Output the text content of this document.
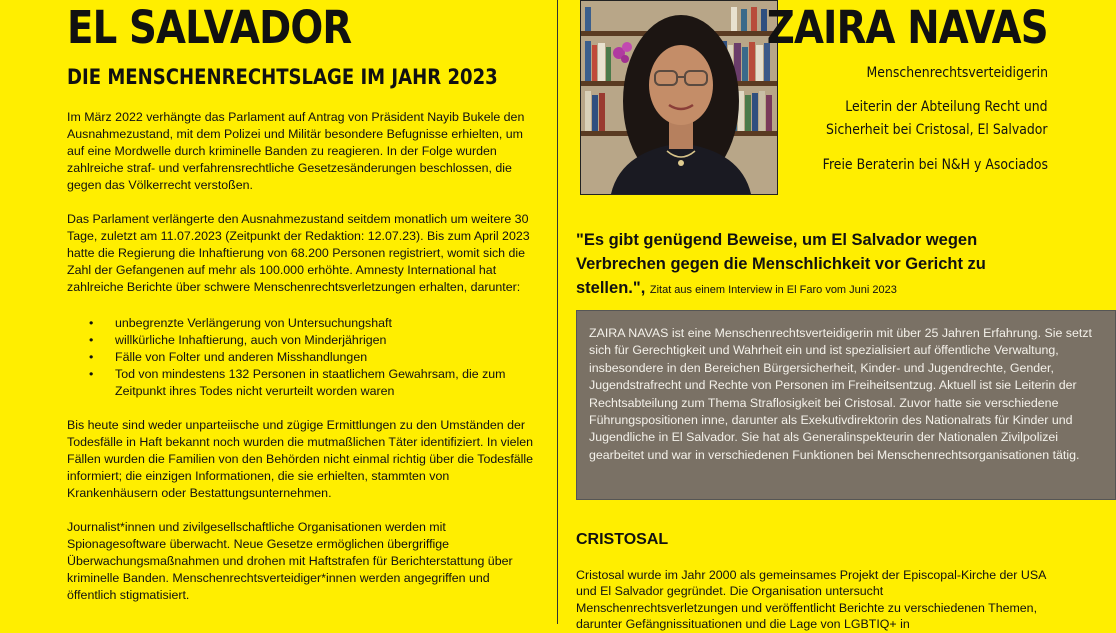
EL SALVADOR
DIE MENSCHENRECHTSLAGE IM JAHR 2023

Im März 2022 verhängte das Parlament auf Antrag von Präsident Nayib Bukele den Ausnahmezustand, mit dem Polizei und Militär besondere Befugnisse erhielten, um auf eine Mordwelle durch kriminelle Banden zu reagieren. In der Folge wurden zahlreiche straf- und verfahrensrechtliche Gesetzesänderungen beschlossen, die gegen das Völkerrecht verstoßen.

Das Parlament verlängerte den Ausnahmezustand seitdem monatlich um weitere 30 Tage, zuletzt am 11.07.2023 (Zeitpunkt der Redaktion: 12.07.23). Bis zum April 2023 hatte die Regierung die Inhaftierung von 68.200 Personen registriert, womit sich die Zahl der Gefangenen auf mehr als 100.000 erhöhte. Amnesty International hat zahlreiche Berichte über schwere Menschenrechtsverletzungen erhalten, darunter:

• unbegrenzte Verlängerung von Untersuchungshaft
• willkürliche Inhaftierung, auch von Minderjährigen
• Fälle von Folter und anderen Misshandlungen
• Tod von mindestens 132 Personen in staatlichem Gewahrsam, die zum Zeitpunkt ihres Todes nicht verurteilt worden waren

Bis heute sind weder unparteiische und zügige Ermittlungen zu den Umständen der Todesfälle in Haft bekannt noch wurden die mutmaßlichen Täter identifiziert. In vielen Fällen wurden die Familien von den Behörden nicht einmal richtig über die Todesfälle informiert; die einzigen Informationen, die sie erhielten, stammten von Krankenhäusern oder Bestattungsunternehmen.

Journalist*innen und zivilgesellschaftliche Organisationen werden mit Spionagesoftware überwacht. Neue Gesetze ermöglichen übergriffige Überwachungsmaßnahmen und drohen mit Haftstrafen für Berichterstattung über kriminelle Banden. Menschenrechtsverteidiger*innen werden angegriffen und öffentlich stigmatisiert.

ZAIRA NAVAS

Menschenrechtsverteidigerin

Leiterin der Abteilung Recht und
Sicherheit bei Cristosal, El Salvador

Freie Beraterin bei N&H y Asociados

"Es gibt genügend Beweise, um El Salvador wegen Verbrechen gegen die Menschlichkeit vor Gericht zu stellen.", Zitat aus einem Interview in El Faro vom Juni 2023

ZAIRA NAVAS ist eine Menschenrechtsverteidigerin mit über 25 Jahren Erfahrung. Sie setzt sich für Gerechtigkeit und Wahrheit ein und ist spezialisiert auf öffentliche Verwaltung, insbesondere in den Bereichen Bürgersicherheit, Kinder- und Jugendrechte, Gender, Jugendstrafrecht und Rechte von Personen im Freiheitsentzug. Aktuell ist sie Leiterin der Rechtsabteilung zum Thema Straflosigkeit bei Cristosal. Zuvor hatte sie verschiedene Führungspositionen inne, darunter als Exekutivdirektorin des Nationalrats für Kinder und Jugendliche in El Salvador. Sie hat als Generalinspekteurin der Nationalen Zivilpolizei gearbeitet und war in verschiedenen Funktionen bei Menschenrechtsorganisationen tätig.

CRISTOSAL

Cristosal wurde im Jahr 2000 als gemeinsames Projekt der Episcopal-Kirche der USA und El Salvador gegründet. Die Organisation untersucht Menschenrechtsverletzungen und veröffentlicht Berichte zu verschiedenen Themen, darunter Gefängnissituationen und die Lage von LGBTIQ+ in
